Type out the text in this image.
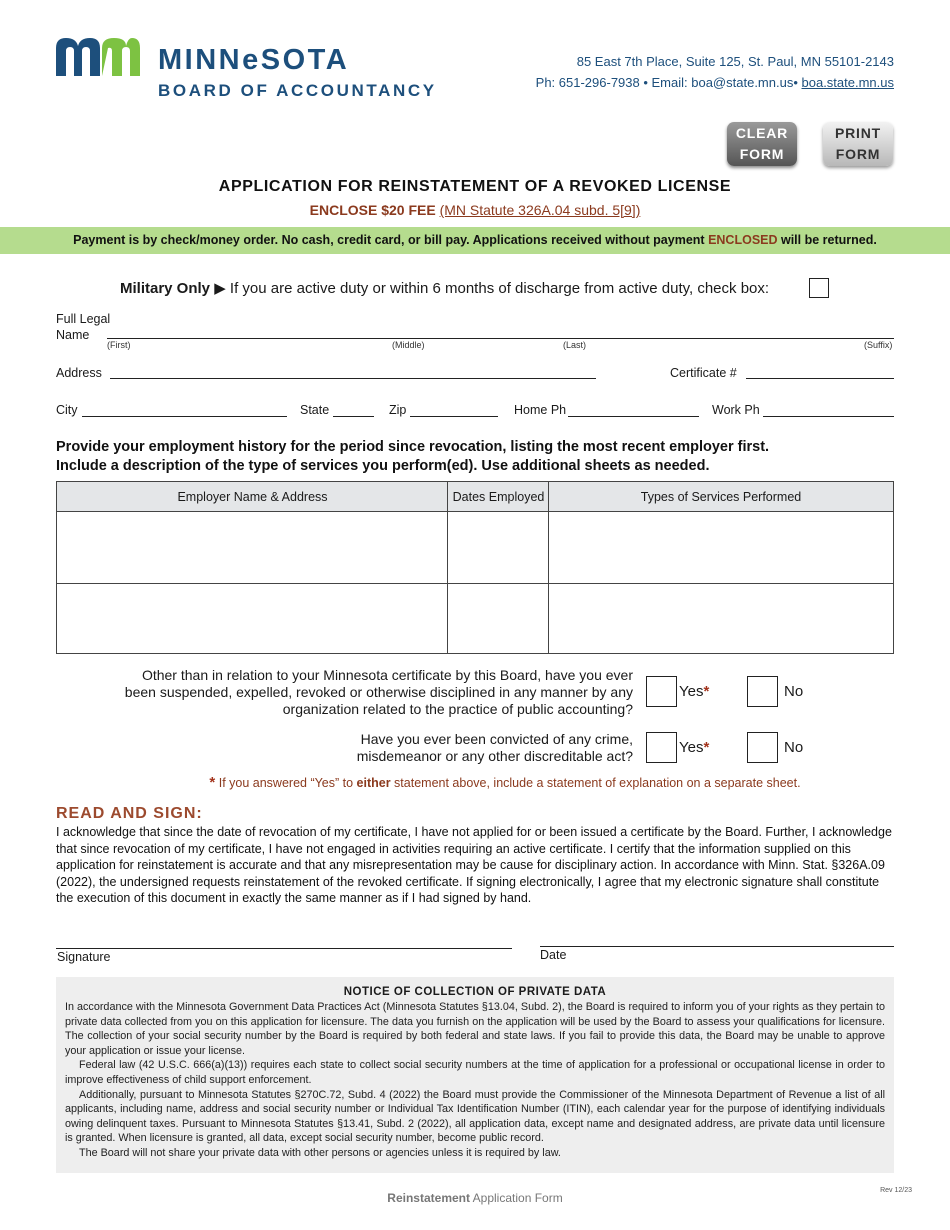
MINNeSOTA
BOARD OF ACCOUNTANCY
85 East 7th Place, Suite 125, St. Paul, MN 55101-2143
Ph: 651-296-7938 • Email: boa@state.mn.us• boa.state.mn.us
CLEAR
FORM
PRINT
FORM
APPLICATION FOR REINSTATEMENT OF A REVOKED LICENSE
ENCLOSE $20 FEE (MN Statute 326A.04 subd. 5[9])
Payment is by check/money order. No cash, credit card, or bill pay. Applications received without payment ENCLOSED will be returned.
Military Only ▶ If you are active duty or within 6 months of discharge from active duty, check box:
Full Legal
Name
(First)	(Middle)	(Last)	(Suffix)
Address	Certificate #
City	State	Zip	Home Ph	Work Ph
Provide your employment history for the period since revocation, listing the most recent employer first.
Include a description of the type of services you perform(ed). Use additional sheets as needed.
Employer Name & Address	Dates Employed	Types of Services Performed
Other than in relation to your Minnesota certificate by this Board, have you ever
been suspended, expelled, revoked or otherwise disciplined in any manner by any
organization related to the practice of public accounting?
Yes*	No
Have you ever been convicted of any crime,
misdemeanor or any other discreditable act?	Yes*	No
* If you answered “Yes” to either statement above, include a statement of explanation on a separate sheet.
READ AND SIGN:
I acknowledge that since the date of revocation of my certificate, I have not applied for or been issued a certificate by the Board. Further, I acknowledge that since revocation of my certificate, I have not engaged in activities requiring an active certificate. I certify that the information supplied on this application for reinstatement is accurate and that any misrepresentation may be cause for disciplinary action. In accordance with Minn. Stat. §326A.09 (2022), the undersigned requests reinstatement of the revoked certificate. If signing electronically, I agree that my electronic signature shall constitute the execution of this document in exactly the same manner as if I had signed by hand.
Signature	Date
NOTICE OF COLLECTION OF PRIVATE DATA

In accordance with the Minnesota Government Data Practices Act (Minnesota Statutes §13.04, Subd. 2), the Board is required to inform you of your rights as they pertain to private data collected from you on this application for licensure. The data you furnish on the application will be used by the Board to assess your qualifications for licensure. The collection of your social security number by the Board is required by both federal and state laws. If you fail to provide this data, the Board may be unable to approve your application or issue your license.

Federal law (42 U.S.C. 666(a)(13)) requires each state to collect social security numbers at the time of application for a professional or occupational license in order to improve effectiveness of child support enforcement.

Additionally, pursuant to Minnesota Statutes §270C.72, Subd. 4 (2022) the Board must provide the Commissioner of the Minnesota Department of Revenue a list of all applicants, including name, address and social security number or Individual Tax Identification Number (ITIN), each calendar year for the purpose of identifying individuals owing delinquent taxes. Pursuant to Minnesota Statutes §13.41, Subd. 2 (2022), all application data, except name and designated address, are private data until licensure is granted. When licensure is granted, all data, except social security number, become public record.

The Board will not share your private data with other persons or agencies unless it is required by law.

Rev 12/23
Reinstatement Application Form
